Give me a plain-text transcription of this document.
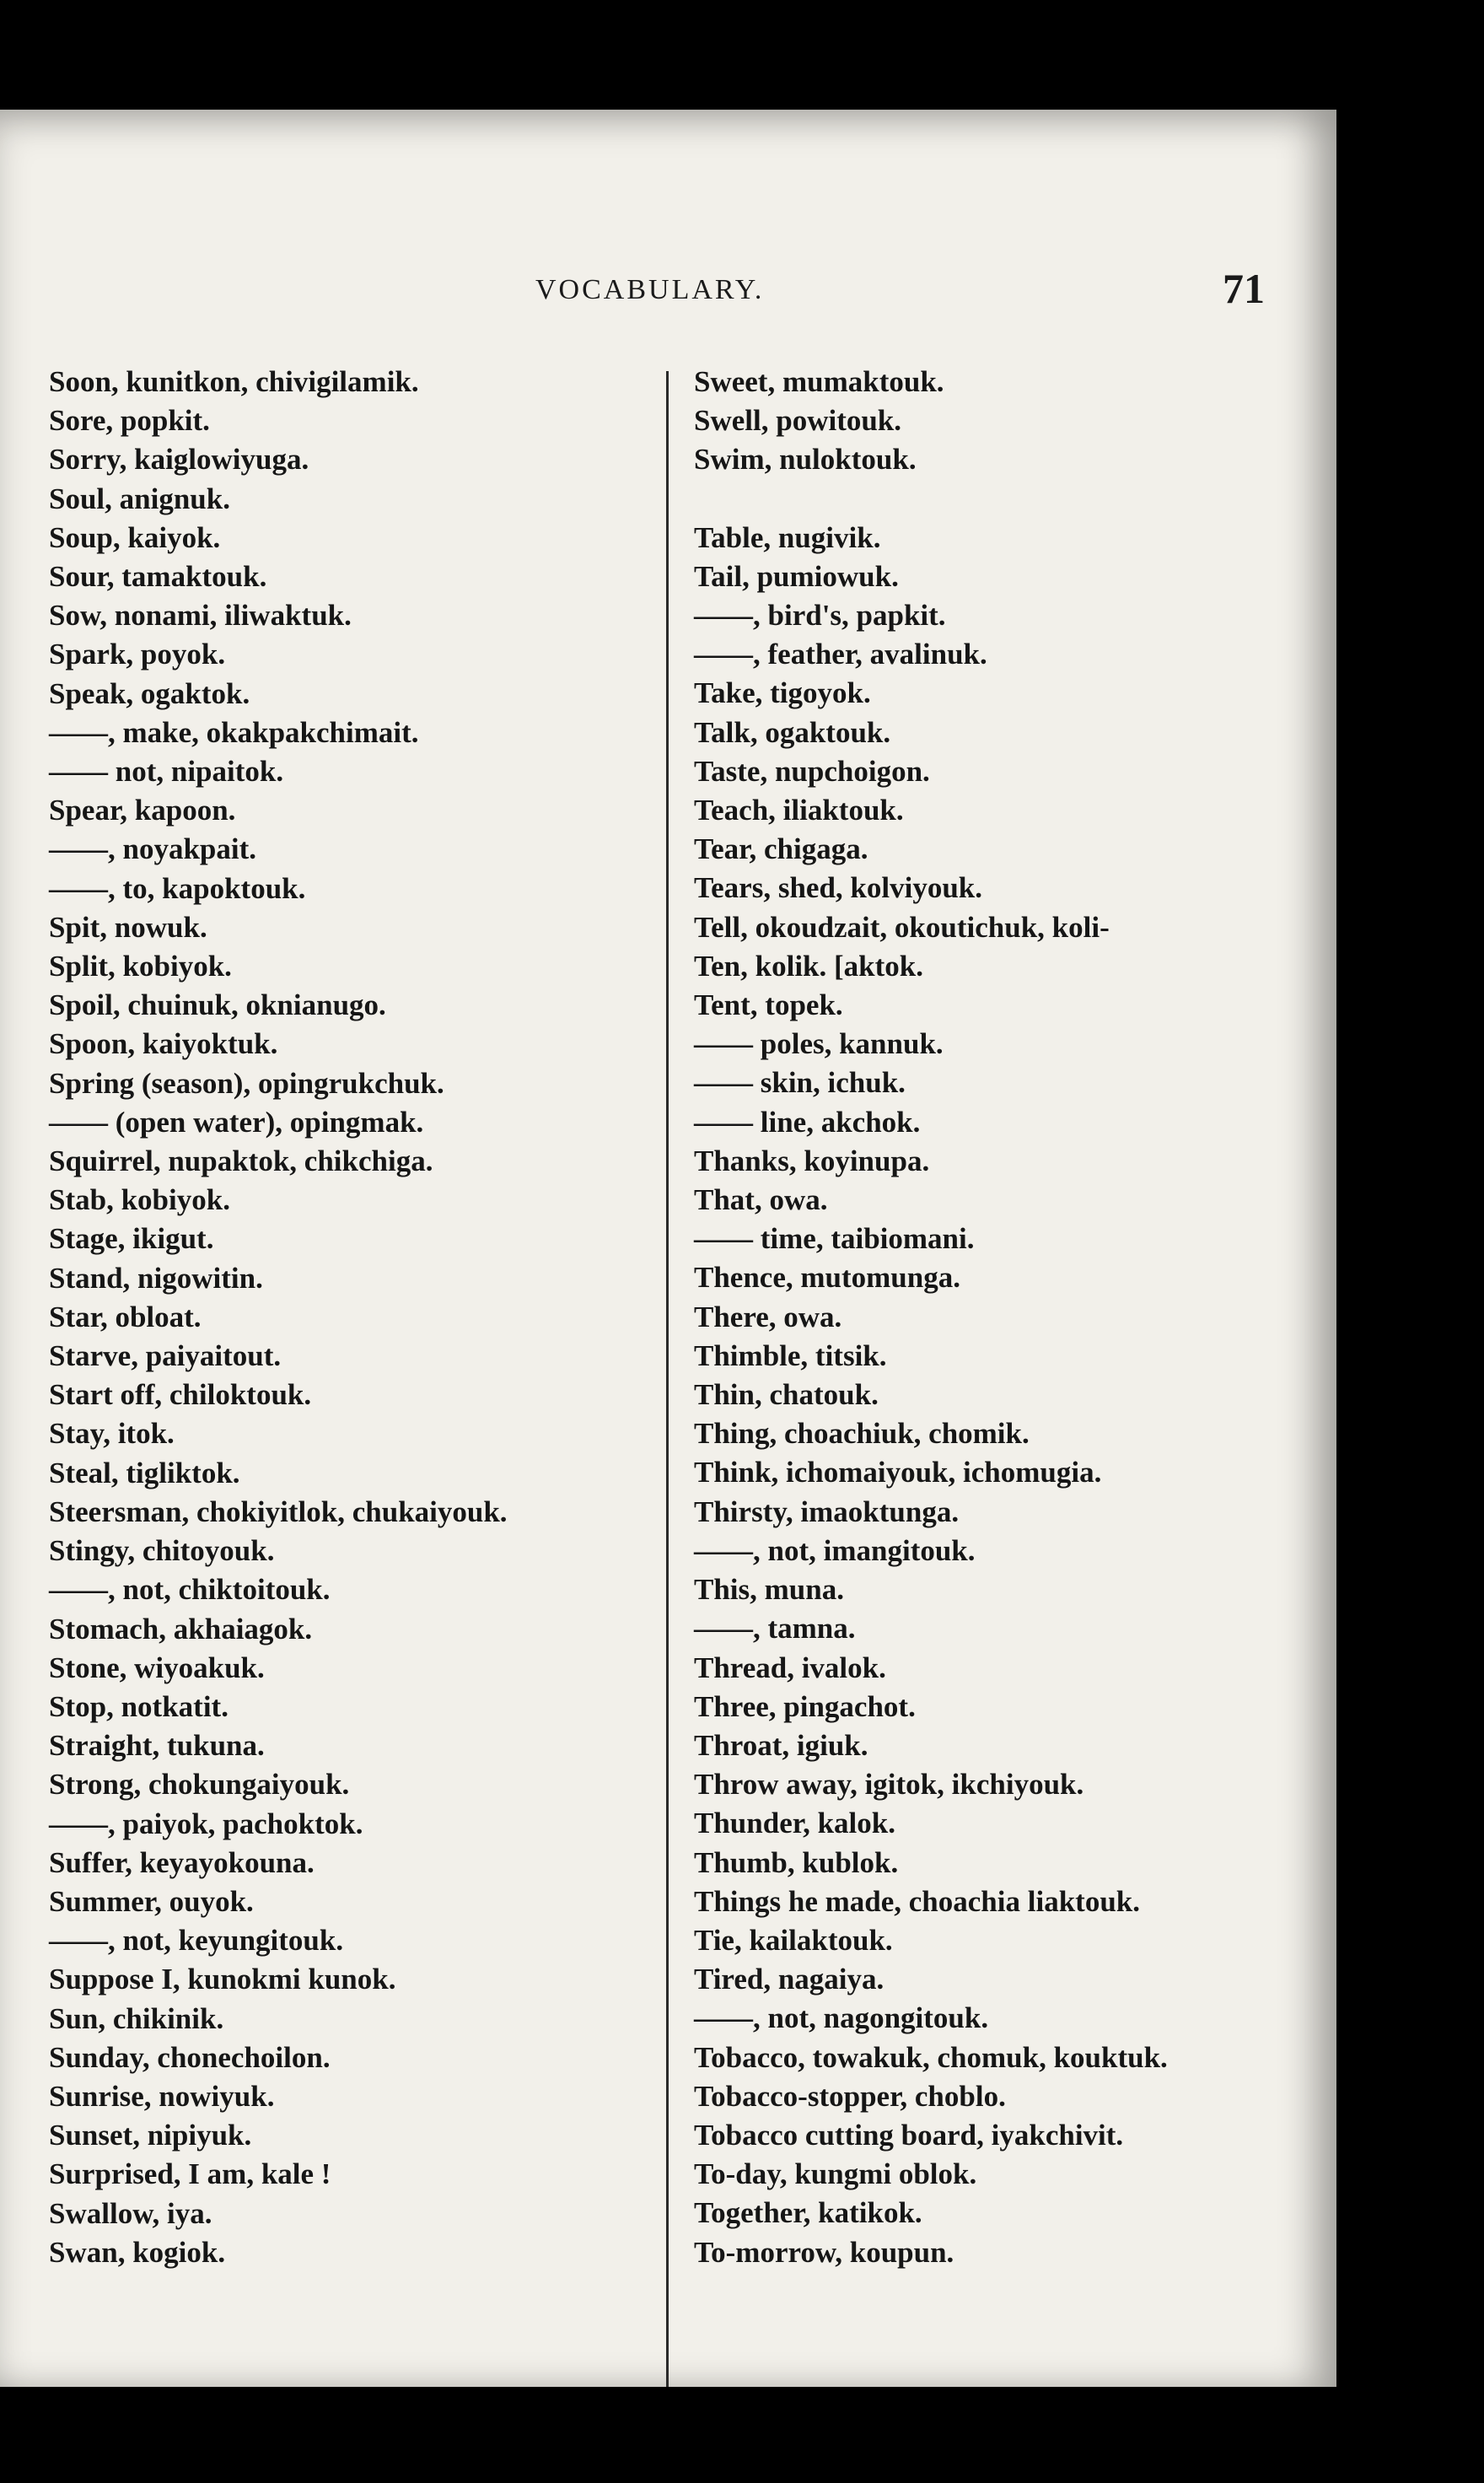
VOCABULARY.	71
Soon, kunitkon, chivigilamik.
Sore, popkit.
Sorry, kaiglowiyuga.
Soul, anignuk.
Soup, kaiyok.
Sour, tamaktouk.
Sow, nonami, iliwaktuk.
Spark, poyok.
Speak, ogaktok.
——, make, okakpakchimait.
—— not, nipaitok.
Spear, kapoon.
——, noyakpait.
——, to, kapoktouk.
Spit, nowuk.
Split, kobiyok.
Spoil, chuinuk, oknianugo.
Spoon, kaiyoktuk.
Spring (season), opingrukchuk.
—— (open water), opingmak.
Squirrel, nupaktok, chikchiga.
Stab, kobiyok.
Stage, ikigut.
Stand, nigowitin.
Star, obloat.
Starve, paiyaitout.
Start off, chiloktouk.
Stay, itok.
Steal, tigliktok.
Steersman, chokiyitlok, chukaiyouk.
Stingy, chitoyouk.
——, not, chiktoitouk.
Stomach, akhaiagok.
Stone, wiyoakuk.
Stop, notkatit.
Straight, tukuna.
Strong, chokungaiyouk.
——, paiyok, pachoktok.
Suffer, keyayokouna.
Summer, ouyok.
——, not, keyungitouk.
Suppose I, kunokmi kunok.
Sun, chikinik.
Sunday, chonechoilon.
Sunrise, nowiyuk.
Sunset, nipiyuk.
Surprised, I am, kale !
Swallow, iya.
Swan, kogiok.
Sweet, mumaktouk.
Swell, powitouk.
Swim, nuloktouk.
Table, nugivik.
Tail, pumiowuk.
——, bird's, papkit.
——, feather, avalinuk.
Take, tigoyok.
Talk, ogaktouk.
Taste, nupchoigon.
Teach, iliaktouk.
Tear, chigaga.
Tears, shed, kolviyouk.
Tell, okoudzait, okoutichuk, koli-
Ten, kolik. [aktok.
Tent, topek.
—— poles, kannuk.
—— skin, ichuk.
—— line, akchok.
Thanks, koyinupa.
That, owa.
—— time, taibiomani.
Thence, mutomunga.
There, owa.
Thimble, titsik.
Thin, chatouk.
Thing, choachiuk, chomik.
Think, ichomaiyouk, ichomugia.
Thirsty, imaoktunga.
——, not, imangitouk.
This, muna.
——, tamna.
Thread, ivalok.
Three, pingachot.
Throat, igiuk.
Throw away, igitok, ikchiyouk.
Thunder, kalok.
Thumb, kublok.
Things he made, choachia liaktouk.
Tie, kailaktouk.
Tired, nagaiya.
——, not, nagongitouk.
Tobacco, towakuk, chomuk, kouktuk.
Tobacco-stopper, choblo.
Tobacco cutting board, iyakchivit.
To-day, kungmi oblok.
Together, katikok.
To-morrow, koupun.
